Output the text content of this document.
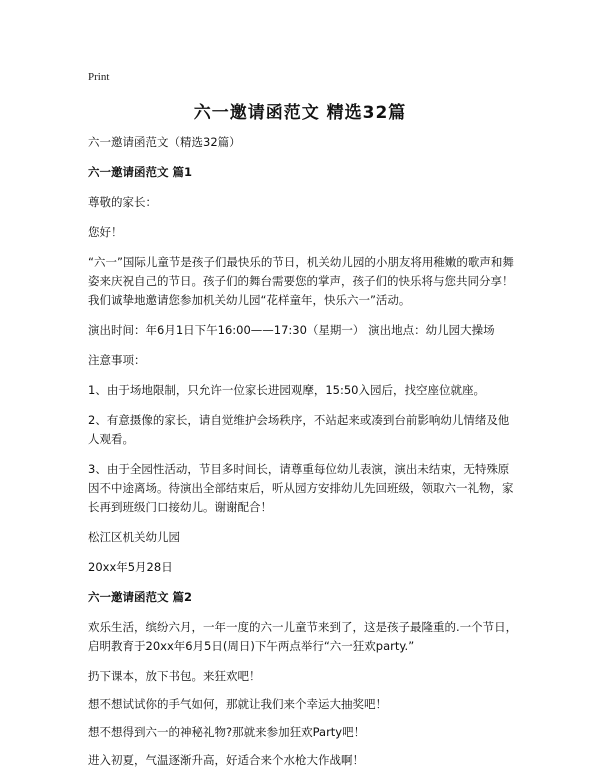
Print
六一邀请函范文 精选32篇

六一邀请函范文（精选32篇）

六一邀请函范文 篇1

尊敬的家长：

您好！

“六一”国际儿童节是孩子们最快乐的节日，机关幼儿园的小朋友将用稚嫩的歌声和舞姿来庆祝自己的节日。孩子们的舞台需要您的掌声，孩子们的快乐将与您共同分享！我们诚挚地邀请您参加机关幼儿园“花样童年，快乐六一”活动。

演出时间：年6月1日下午16:00——17:30（星期一） 演出地点：幼儿园大操场

注意事项：

1、由于场地限制，只允许一位家长进园观摩，15:50入园后，找空座位就座。

2、有意摄像的家长，请自觉维护会场秩序，不站起来或凑到台前影响幼儿情绪及他人观看。

3、由于全园性活动，节目多时间长，请尊重每位幼儿表演，演出未结束，无特殊原因不中途离场。待演出全部结束后，听从园方安排幼儿先回班级，领取六一礼物，家长再到班级门口接幼儿。谢谢配合！

松江区机关幼儿园

20xx年5月28日

六一邀请函范文 篇2

欢乐生活，缤纷六月，一年一度的六一儿童节来到了，这是孩子最隆重的.一个节日，启明教育于20xx年6月5日(周日)下午两点举行“六一狂欢party.”

扔下课本，放下书包。来狂欢吧！

想不想试试你的手气如何，那就让我们来个幸运大抽奖吧！

想不想得到六一的神秘礼物?那就来参加狂欢Party吧！

进入初夏，气温逐渐升高，好适合来个水枪大作战啊！
